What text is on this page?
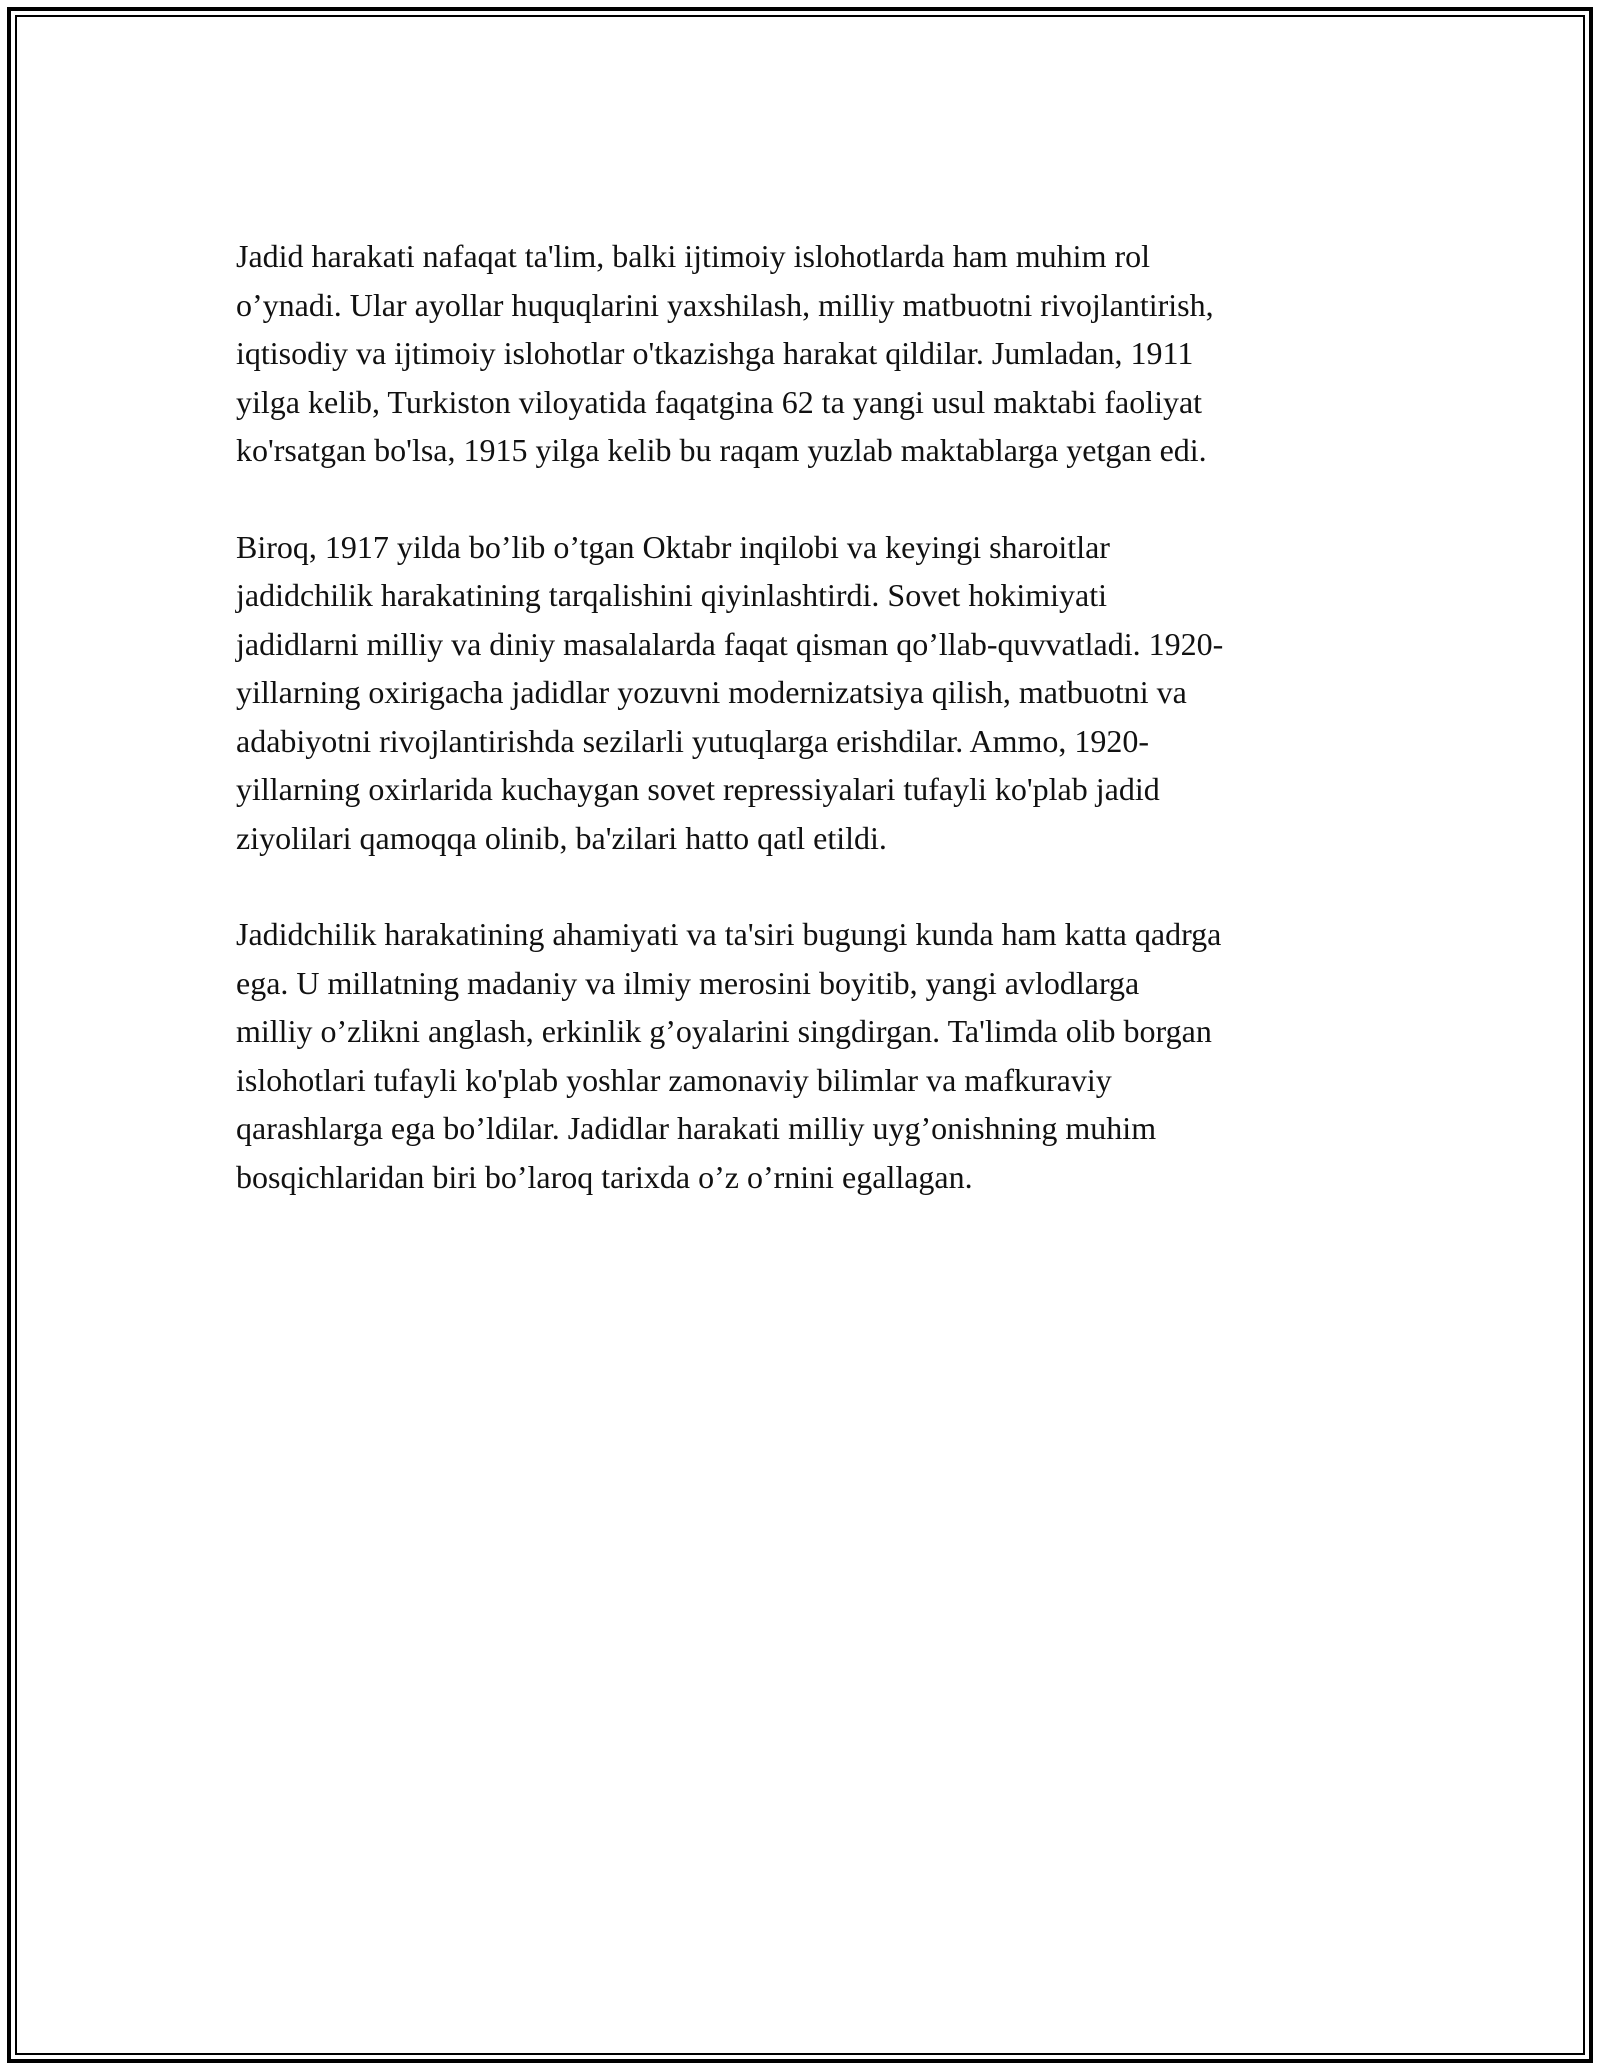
Jadid harakati nafaqat ta'lim, balki ijtimoiy islohotlarda ham muhim rol
o’ynadi. Ular ayollar huquqlarini yaxshilash, milliy matbuotni rivojlantirish,
iqtisodiy va ijtimoiy islohotlar o'tkazishga harakat qildilar. Jumladan, 1911
yilga kelib, Turkiston viloyatida faqatgina 62 ta yangi usul maktabi faoliyat
ko'rsatgan bo'lsa, 1915 yilga kelib bu raqam yuzlab maktablarga yetgan edi.

Biroq, 1917 yilda bo’lib o’tgan Oktabr inqilobi va keyingi sharoitlar
jadidchilik harakatining tarqalishini qiyinlashtirdi. Sovet hokimiyati
jadidlarni milliy va diniy masalalarda faqat qisman qo’llab-quvvatladi. 1920-
yillarning oxirigacha jadidlar yozuvni modernizatsiya qilish, matbuotni va
adabiyotni rivojlantirishda sezilarli yutuqlarga erishdilar. Ammo, 1920-
yillarning oxirlarida kuchaygan sovet repressiyalari tufayli ko'plab jadid
ziyolilari qamoqqa olinib, ba'zilari hatto qatl etildi.

Jadidchilik harakatining ahamiyati va ta'siri bugungi kunda ham katta qadrga
ega. U millatning madaniy va ilmiy merosini boyitib, yangi avlodlarga
milliy o’zlikni anglash, erkinlik g’oyalarini singdirgan. Ta'limda olib borgan
islohotlari tufayli ko'plab yoshlar zamonaviy bilimlar va mafkuraviy
qarashlarga ega bo’ldilar. Jadidlar harakati milliy uyg’onishning muhim
bosqichlaridan biri bo’laroq tarixda o’z o’rnini egallagan.
